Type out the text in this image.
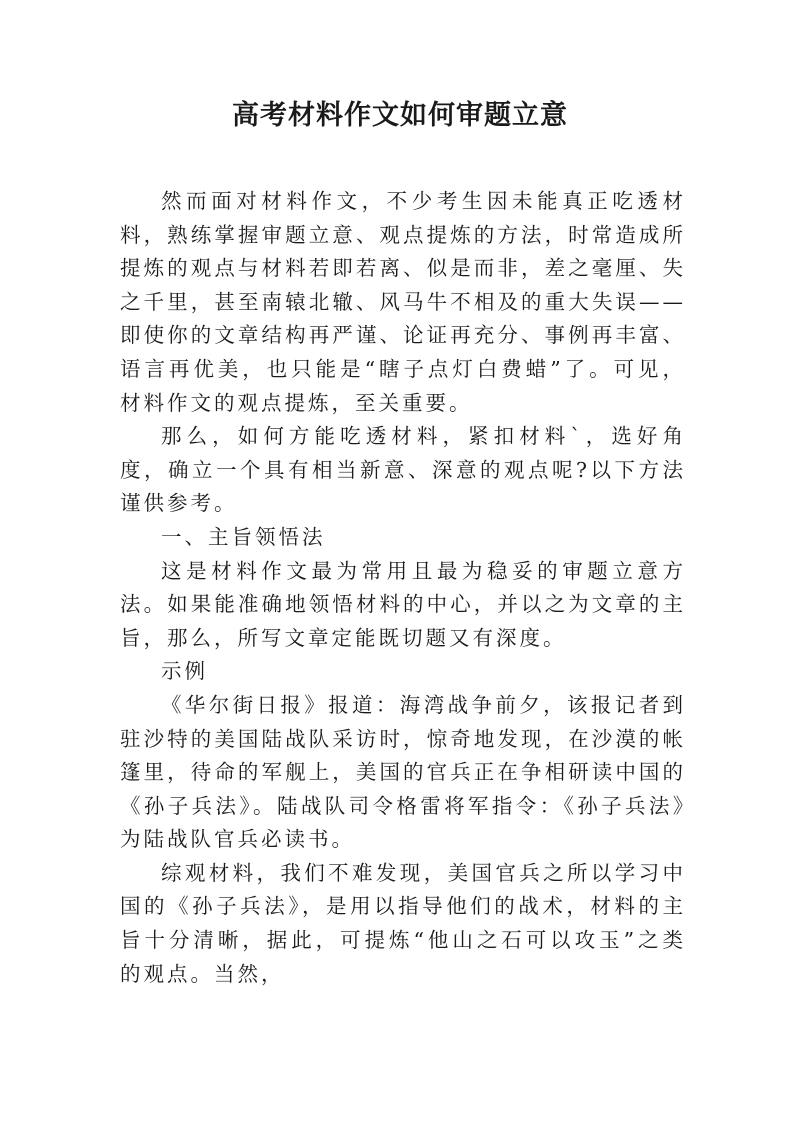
高考材料作文如何审题立意

然而面对材料作文，不少考生因未能真正吃透材料，熟练掌握审题立意、观点提炼的方法，时常造成所提炼的观点与材料若即若离、似是而非，差之毫厘、失之千里，甚至南辕北辙、风马牛不相及的重大失误——即使你的文章结构再严谨、论证再充分、事例再丰富、语言再优美，也只能是“瞎子点灯白费蜡”了。可见，材料作文的观点提炼，至关重要。

那么，如何方能吃透材料，紧扣材料`，选好角度，确立一个具有相当新意、深意的观点呢?以下方法谨供参考。

一、主旨领悟法

这是材料作文最为常用且最为稳妥的审题立意方法。如果能准确地领悟材料的中心，并以之为文章的主旨，那么，所写文章定能既切题又有深度。

示例

《华尔街日报》报道：海湾战争前夕，该报记者到驻沙特的美国陆战队采访时，惊奇地发现，在沙漠的帐篷里，待命的军舰上，美国的官兵正在争相研读中国的《孙子兵法》。陆战队司令格雷将军指令：《孙子兵法》为陆战队官兵必读书。

综观材料，我们不难发现，美国官兵之所以学习中国的《孙子兵法》，是用以指导他们的战术，材料的主旨十分清晰，据此，可提炼“他山之石可以攻玉”之类的观点。当然，
